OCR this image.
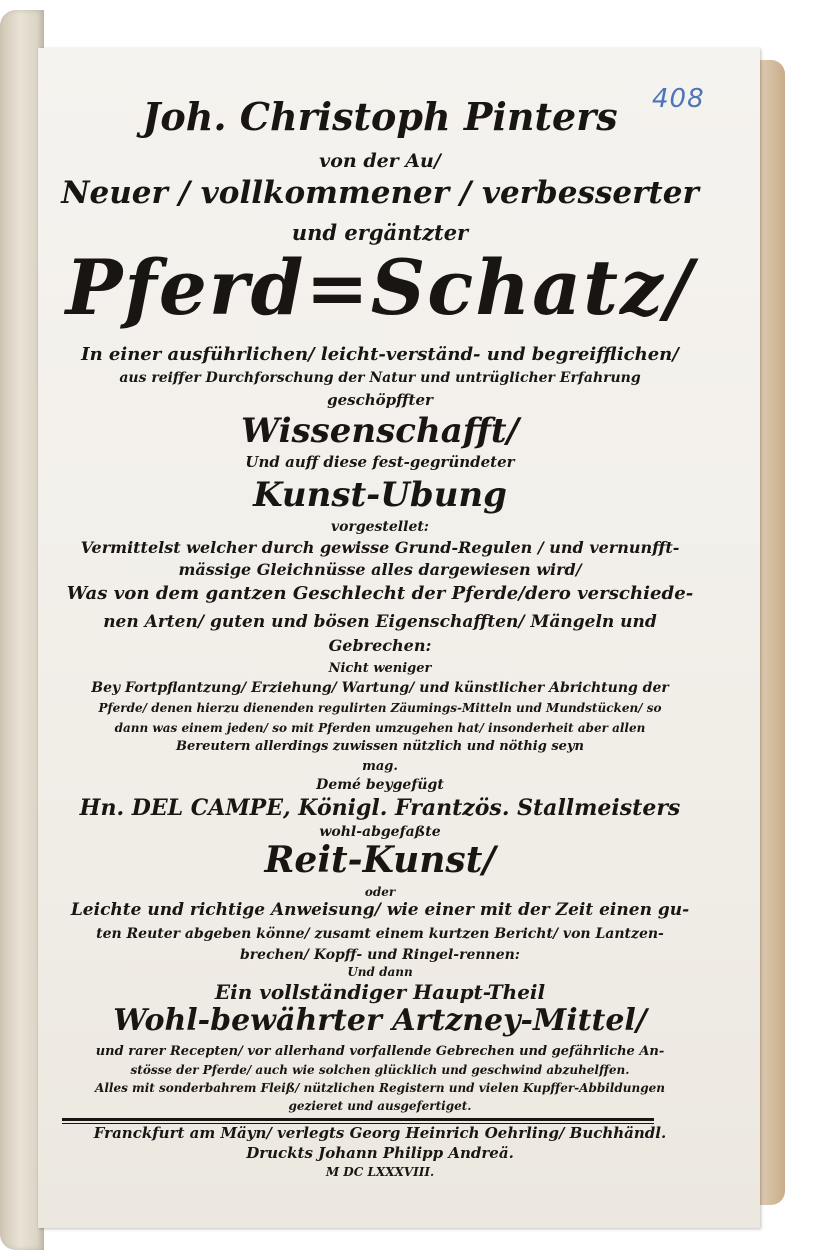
408
Joh. Christoph Pinters
von der Au/
Neuer / vollkommener / verbesserter
und ergäntzter
Pferd=Schatz/
In einer ausführlichen/ leicht-verständ- und begreifflichen/
aus reiffer Durchforschung der Natur und untrüglicher Erfahrung
geschöpffter
Wissenschafft/
Und auff diese fest-gegründeter
Kunst-Ubung
vorgestellet:
Vermittelst welcher durch gewisse Grund-Regulen / und vernunfft-
mässige Gleichnüsse alles dargewiesen wird/
Was von dem gantzen Geschlecht der Pferde/dero verschiede-
nen Arten/ guten und bösen Eigenschafften/ Mängeln und
Gebrechen:
Nicht weniger
Bey Fortpflantzung/ Erziehung/ Wartung/ und künstlicher Abrichtung der
Pferde/ denen hierzu dienenden regulirten Zäumings-Mitteln und Mundstücken/ so
dann was einem jeden/ so mit Pferden umzugehen hat/ insonderheit aber allen
Bereutern allerdings zuwissen nützlich und nöthig seyn
mag.
Demé beygefügt
Hn. DEL CAMPE, Königl. Frantzös. Stallmeisters
wohl-abgefaßte
Reit-Kunst/
oder
Leichte und richtige Anweisung/ wie einer mit der Zeit einen gu-
ten Reuter abgeben könne/ zusamt einem kurtzen Bericht/ von Lantzen-
brechen/ Kopff- und Ringel-rennen:
Und dann
Ein vollständiger Haupt-Theil
Wohl-bewährter Artzney-Mittel/
und rarer Recepten/ vor allerhand vorfallende Gebrechen und gefährliche An-
stösse der Pferde/ auch wie solchen glücklich und geschwind abzuhelffen.
Alles mit sonderbahrem Fleiß/ nützlichen Registern und vielen Kupffer-Abbildungen
gezieret und ausgefertiget.
Franckfurt am Mäyn/ verlegts Georg Heinrich Oehrling/ Buchhändl.
Druckts Johann Philipp Andreä.
M DC LXXXVIII.
